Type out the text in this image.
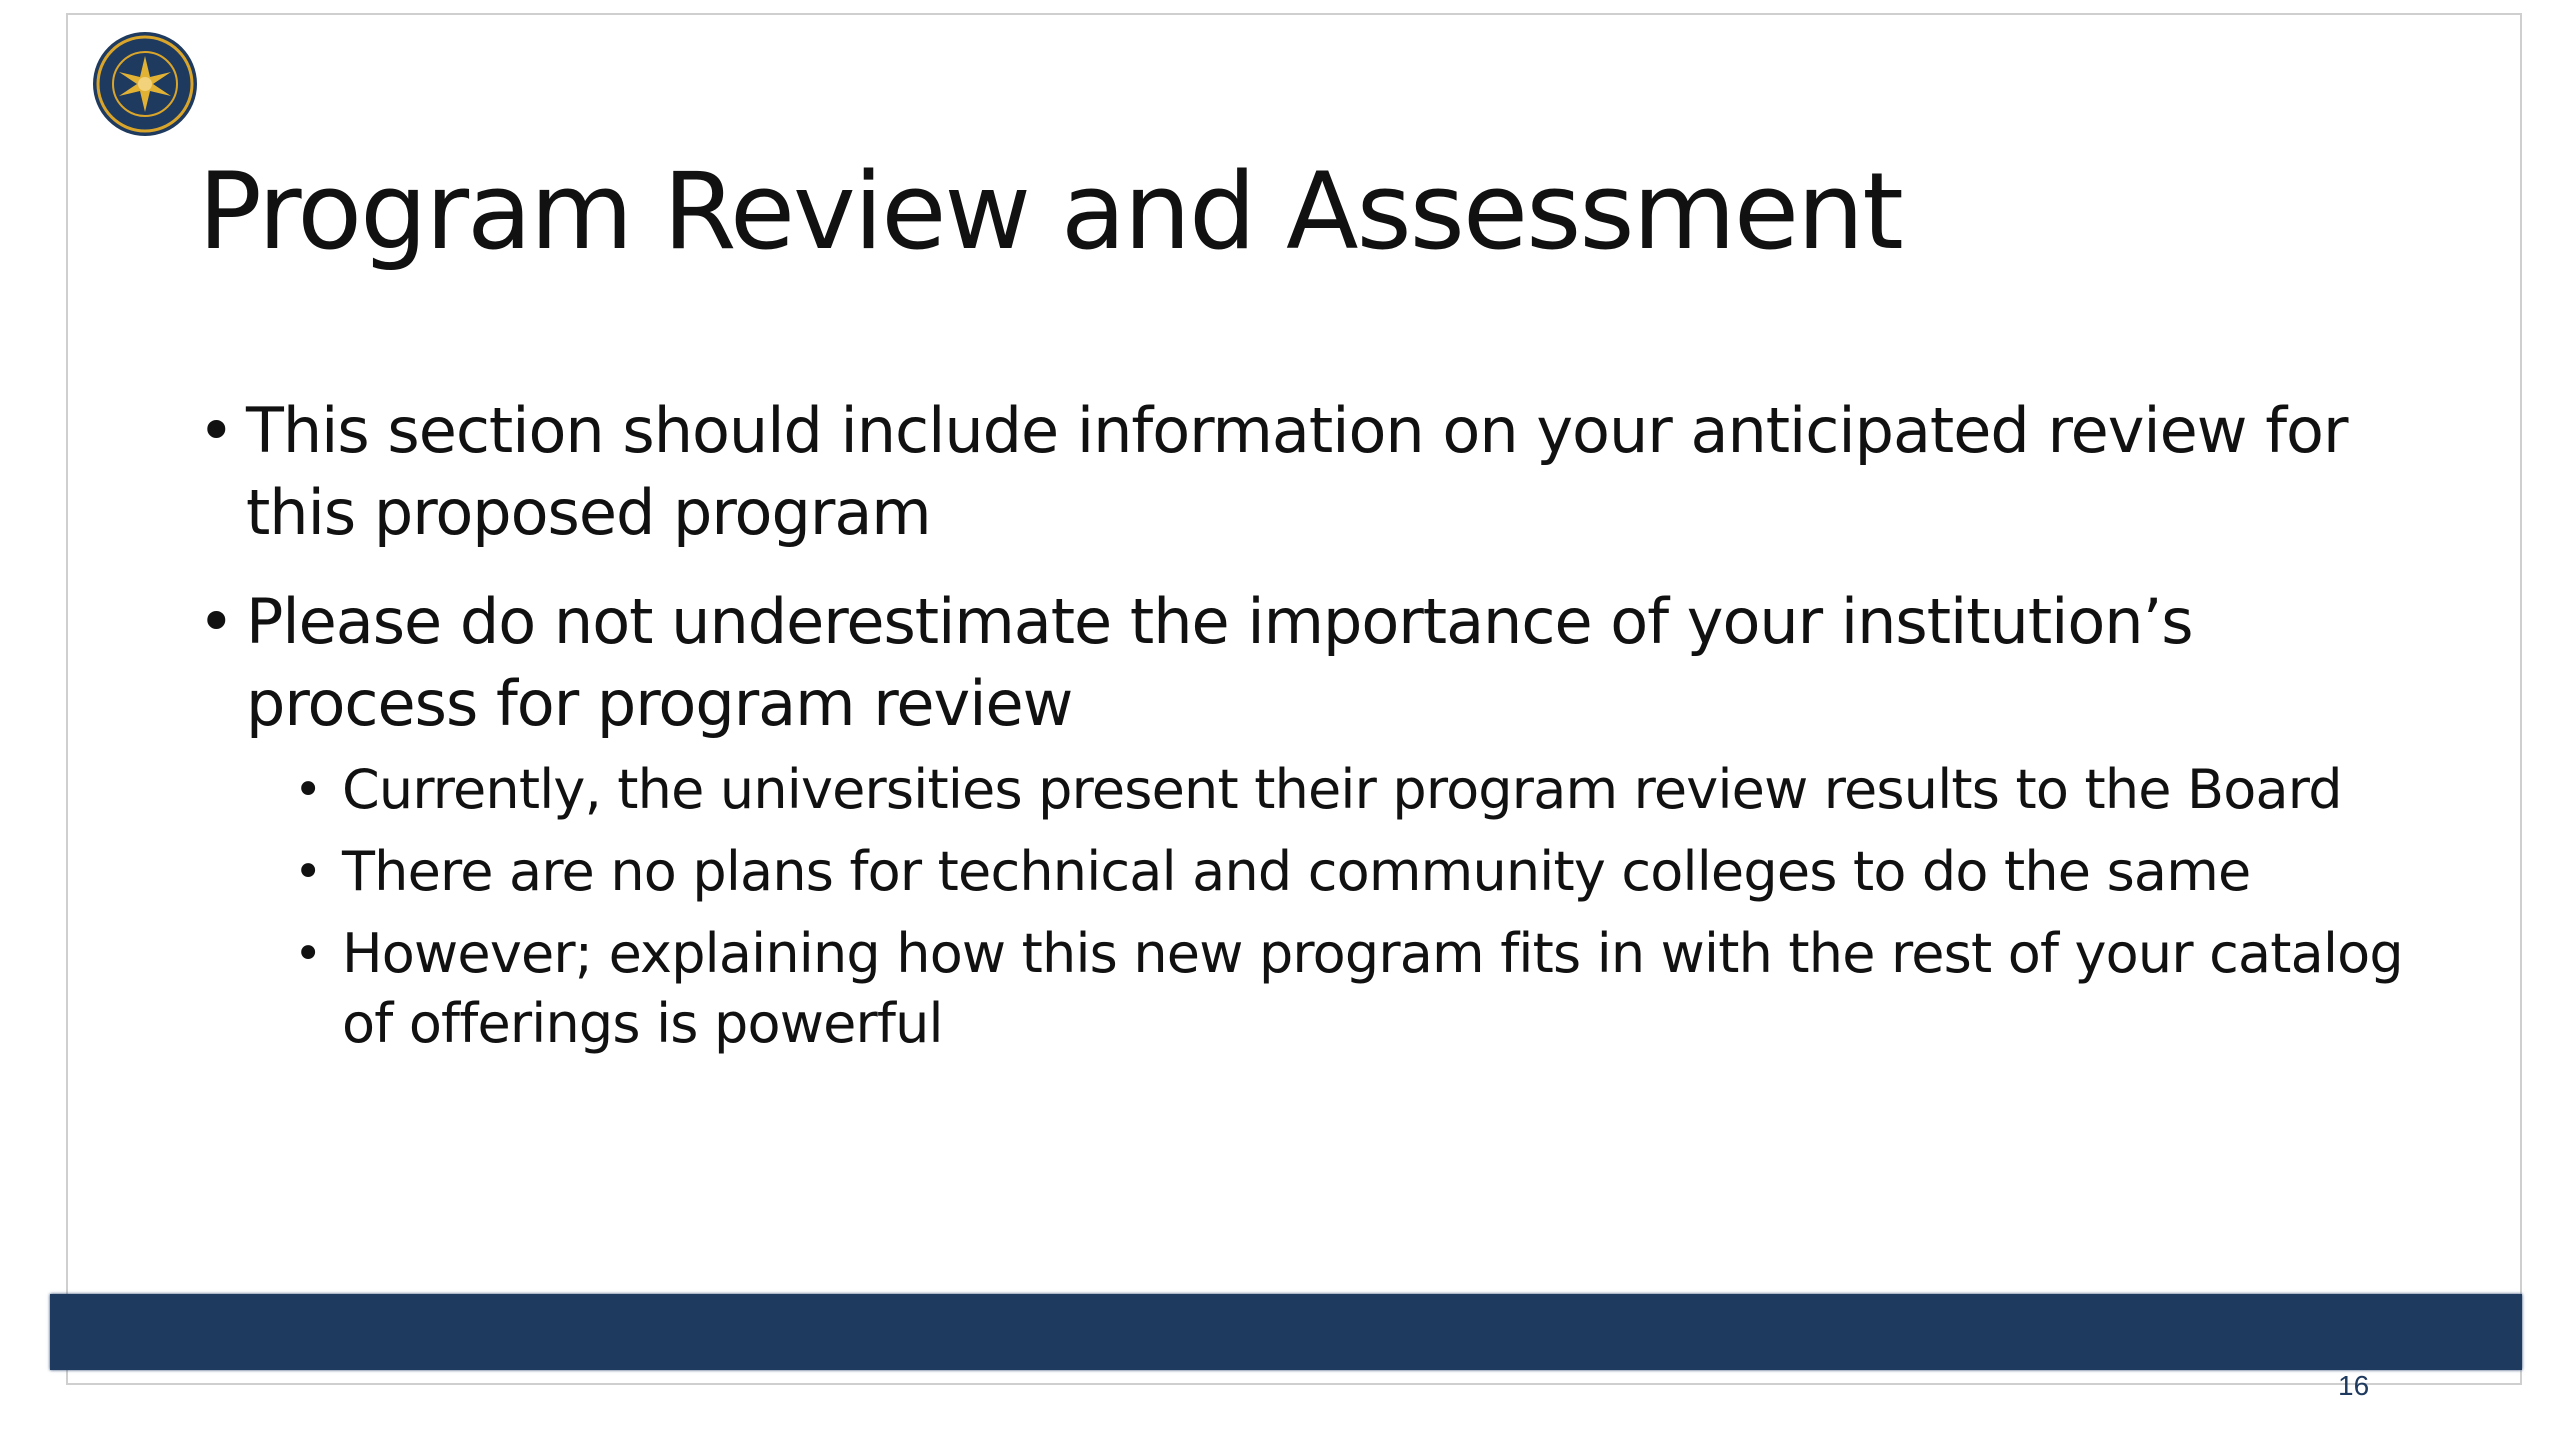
Program Review and Assessment
• This section should include information on your anticipated review for this proposed program
• Please do not underestimate the importance of your institution’s process for program review
• Currently, the universities present their program review results to the Board
• There are no plans for technical and community colleges to do the same
• However; explaining how this new program fits in with the rest of your catalog of offerings is powerful
16
